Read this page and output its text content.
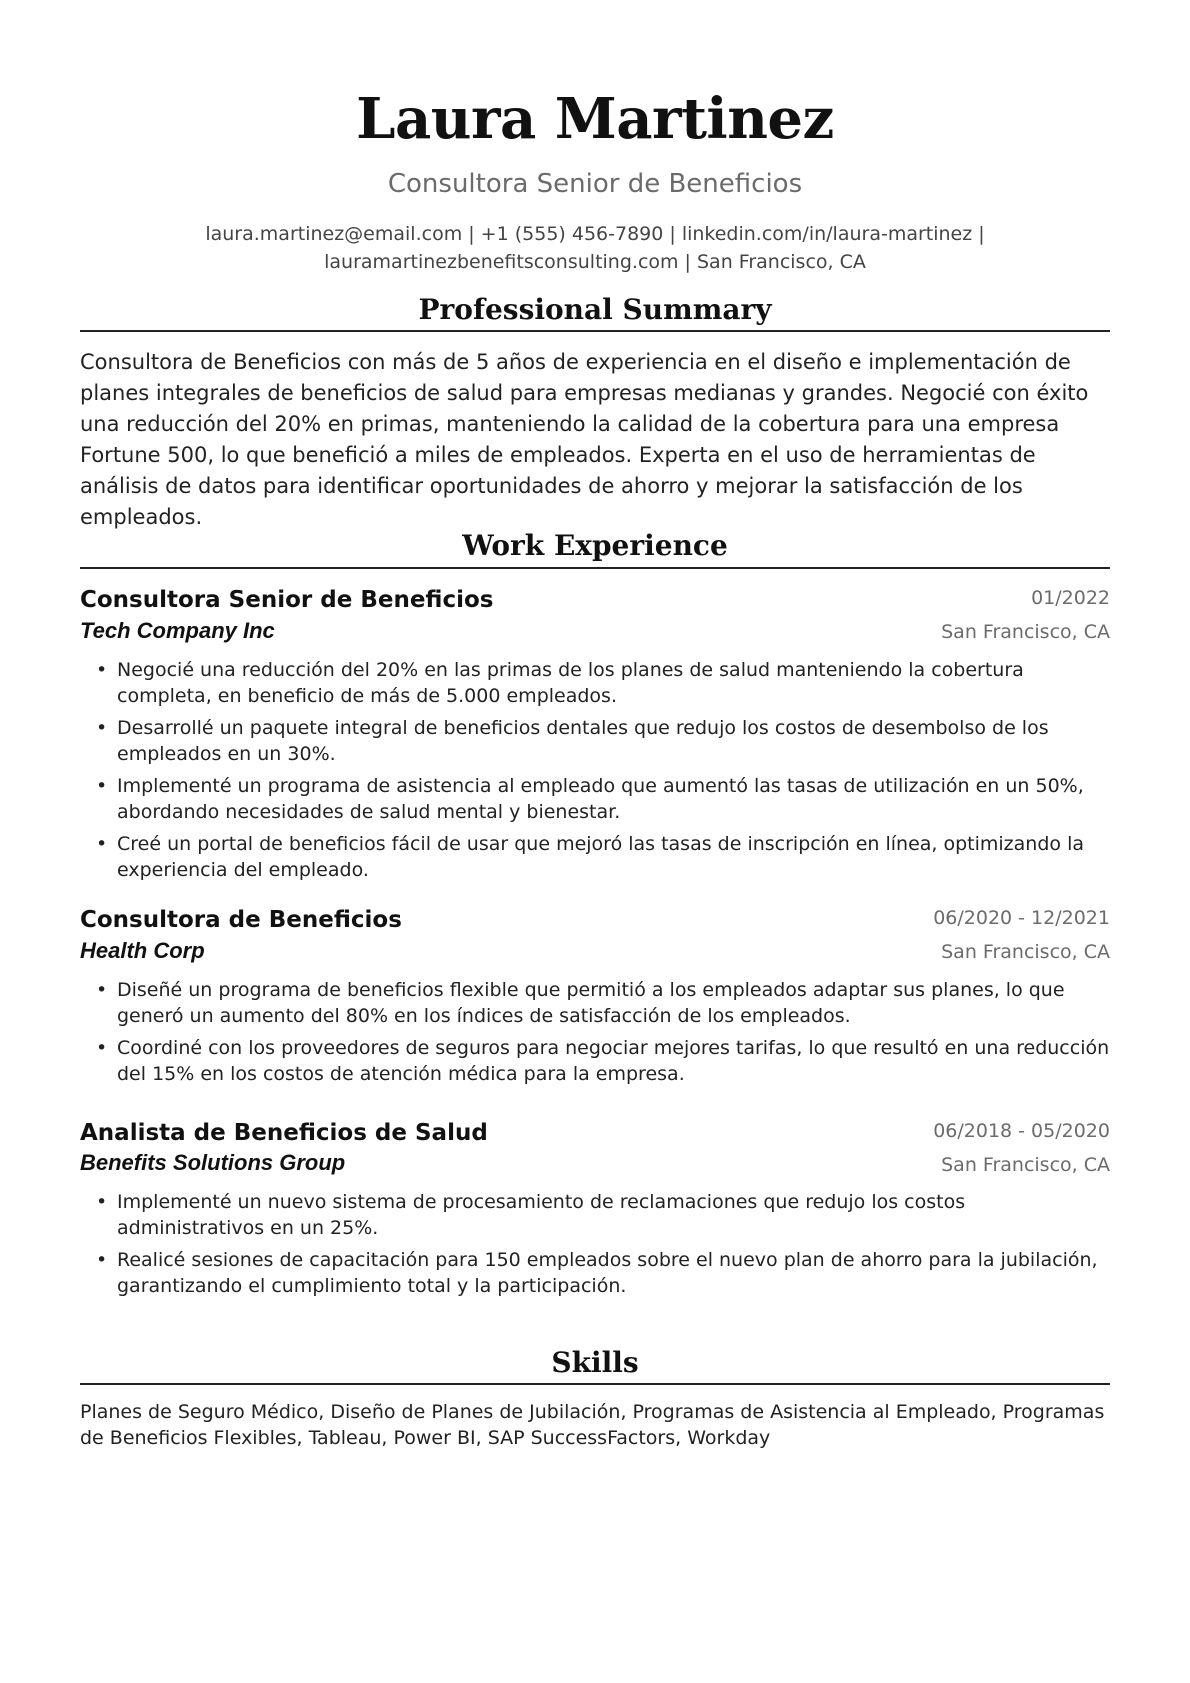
Laura Martinez
Consultora Senior de Beneficios
laura.martinez@email.com | +1 (555) 456-7890 | linkedin.com/in/laura-martinez |
lauramartinezbenefitsconsulting.com | San Francisco, CA
Professional Summary
Consultora de Beneficios con más de 5 años de experiencia en el diseño e implementación de planes integrales de beneficios de salud para empresas medianas y grandes. Negocié con éxito una reducción del 20% en primas, manteniendo la calidad de la cobertura para una empresa Fortune 500, lo que benefició a miles de empleados. Experta en el uso de herramientas de análisis de datos para identificar oportunidades de ahorro y mejorar la satisfacción de los empleados.
Work Experience
Consultora Senior de Beneficios	01/2022
Tech Company Inc	San Francisco, CA
• Negocié una reducción del 20% en las primas de los planes de salud manteniendo la cobertura completa, en beneficio de más de 5.000 empleados.
• Desarrollé un paquete integral de beneficios dentales que redujo los costos de desembolso de los empleados en un 30%.
• Implementé un programa de asistencia al empleado que aumentó las tasas de utilización en un 50%, abordando necesidades de salud mental y bienestar.
• Creé un portal de beneficios fácil de usar que mejoró las tasas de inscripción en línea, optimizando la experiencia del empleado.
Consultora de Beneficios	06/2020 - 12/2021
Health Corp	San Francisco, CA
• Diseñé un programa de beneficios flexible que permitió a los empleados adaptar sus planes, lo que generó un aumento del 80% en los índices de satisfacción de los empleados.
• Coordiné con los proveedores de seguros para negociar mejores tarifas, lo que resultó en una reducción del 15% en los costos de atención médica para la empresa.
Analista de Beneficios de Salud	06/2018 - 05/2020
Benefits Solutions Group	San Francisco, CA
• Implementé un nuevo sistema de procesamiento de reclamaciones que redujo los costos administrativos en un 25%.
• Realicé sesiones de capacitación para 150 empleados sobre el nuevo plan de ahorro para la jubilación, garantizando el cumplimiento total y la participación.
Skills
Planes de Seguro Médico, Diseño de Planes de Jubilación, Programas de Asistencia al Empleado, Programas de Beneficios Flexibles, Tableau, Power BI, SAP SuccessFactors, Workday
